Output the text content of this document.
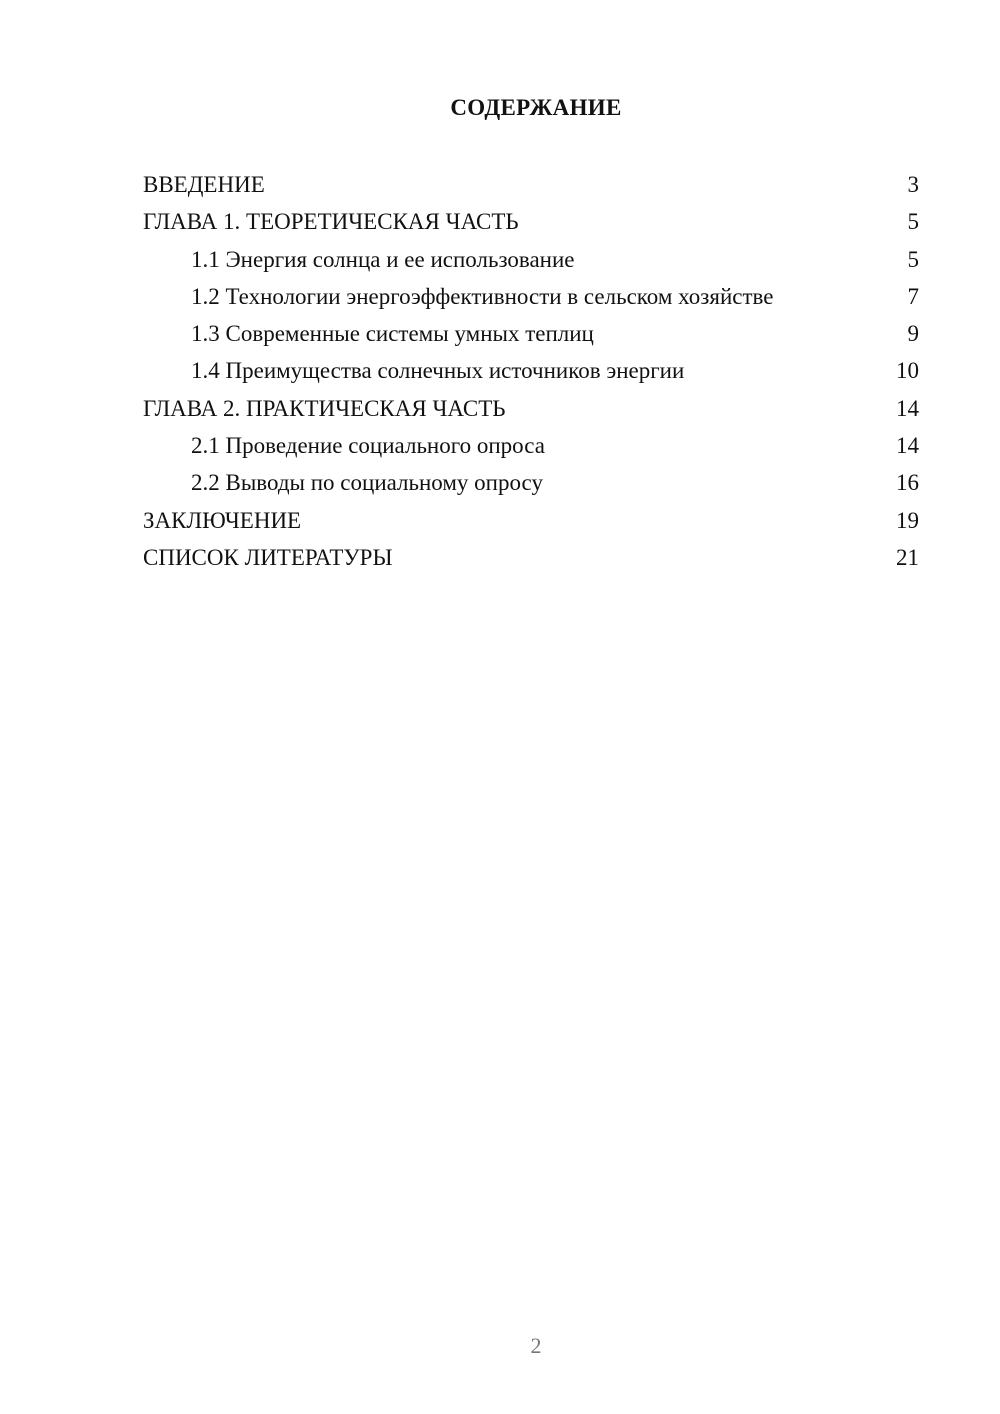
СОДЕРЖАНИЕ
ВВЕДЕНИЕ	3
ГЛАВА 1. ТЕОРЕТИЧЕСКАЯ ЧАСТЬ	5
1.1 Энергия солнца и ее использование	5
1.2 Технологии энергоэффективности в сельском хозяйстве	7
1.3 Современные системы умных теплиц	9
1.4 Преимущества солнечных источников энергии	10
ГЛАВА 2. ПРАКТИЧЕСКАЯ ЧАСТЬ	14
2.1 Проведение социального опроса	14
2.2 Выводы по социальному опросу	16
ЗАКЛЮЧЕНИЕ	19
СПИСОК ЛИТЕРАТУРЫ	21
2
